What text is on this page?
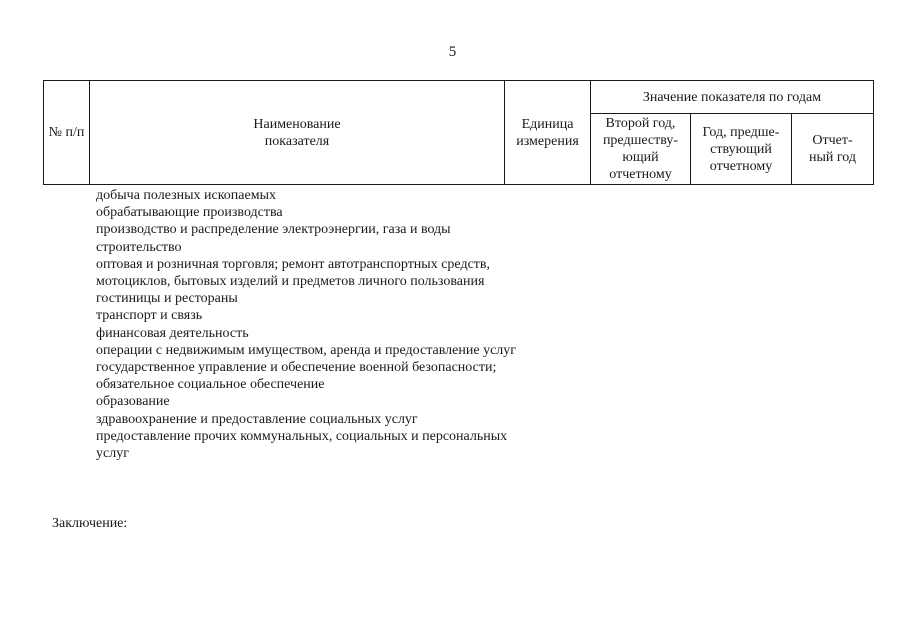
5
№ п/п	Наименование показателя	Единица измерения	Значение показателя по годам		

			Второй год, предшеству-ющий отчетному	Год, предше-ствующий отчетному	Отчет-ный год
добыча полезных ископаемых
обрабатывающие производства
производство и распределение электроэнергии, газа и воды
строительство
оптовая и розничная торговля; ремонт автотранспортных средств, мотоциклов, бытовых изделий и предметов личного пользования
гостиницы и рестораны
транспорт и связь
финансовая деятельность
операции с недвижимым имуществом, аренда и предоставление услуг
государственное управление и обеспечение военной безопасности; обязательное социальное обеспечение
образование
здравоохранение и предоставление социальных услуг
предоставление прочих коммунальных, социальных и персональных услуг
Заключение:
